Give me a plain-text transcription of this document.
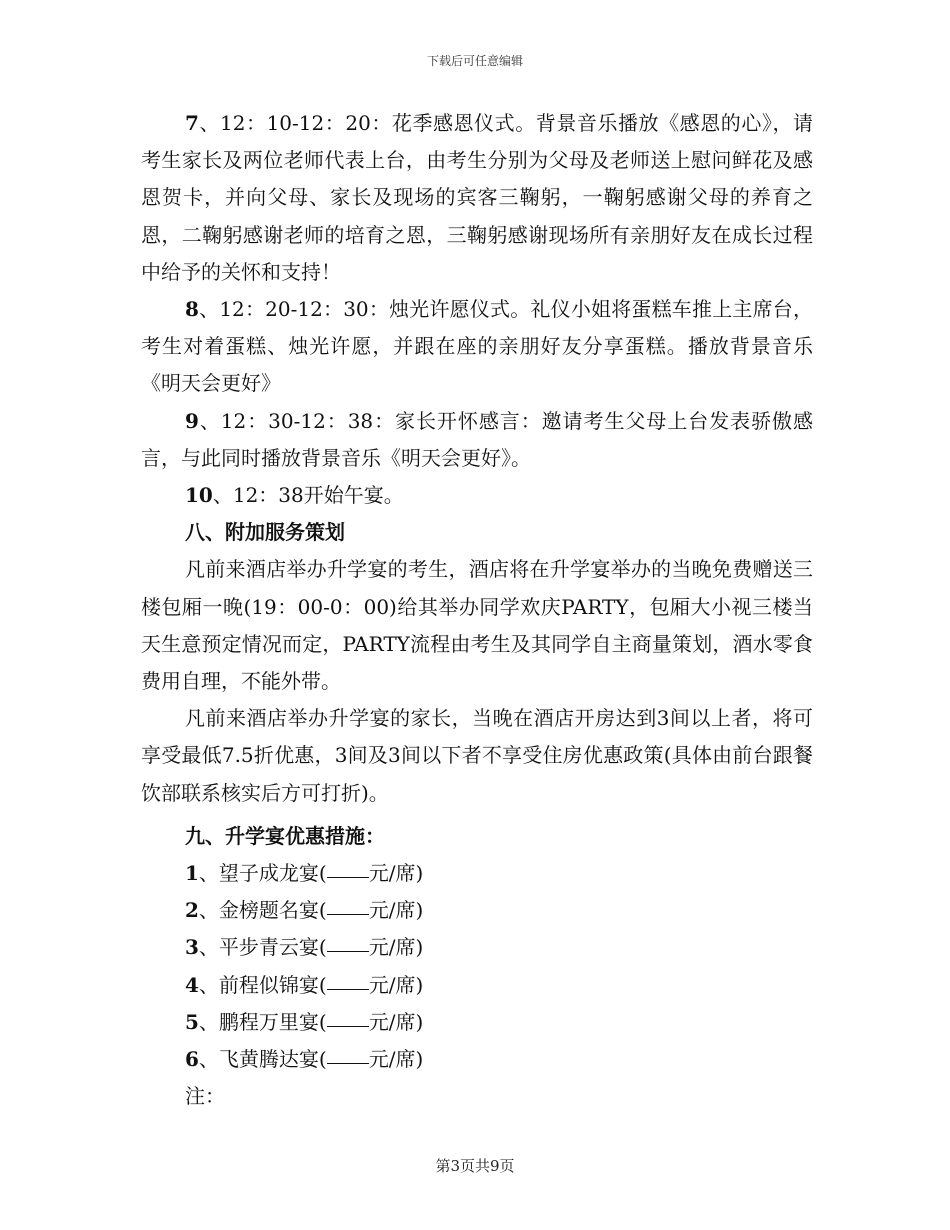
下载后可任意编辑

7、12：10-12：20：花季感恩仪式。背景音乐播放《感恩的心》，请考生家长及两位老师代表上台，由考生分别为父母及老师送上慰问鲜花及感恩贺卡，并向父母、家长及现场的宾客三鞠躬，一鞠躬感谢父母的养育之恩，二鞠躬感谢老师的培育之恩，三鞠躬感谢现场所有亲朋好友在成长过程中给予的关怀和支持！

8、12：20-12：30：烛光许愿仪式。礼仪小姐将蛋糕车推上主席台，考生对着蛋糕、烛光许愿，并跟在座的亲朋好友分享蛋糕。播放背景音乐《明天会更好》

9、12：30-12：38：家长开怀感言：邀请考生父母上台发表骄傲感言，与此同时播放背景音乐《明天会更好》。

10、12：38开始午宴。

八、附加服务策划

凡前来酒店举办升学宴的考生，酒店将在升学宴举办的当晚免费赠送三楼包厢一晚(19：00-0：00)给其举办同学欢庆PARTY，包厢大小视三楼当天生意预定情况而定，PARTY流程由考生及其同学自主商量策划，酒水零食费用自理，不能外带。

凡前来酒店举办升学宴的家长，当晚在酒店开房达到3间以上者，将可享受最低7.5折优惠，3间及3间以下者不享受住房优惠政策(具体由前台跟餐饮部联系核实后方可打折)。

九、升学宴优惠措施：

1、望子成龙宴( 元/席)

2、金榜题名宴( 元/席)

3、平步青云宴( 元/席)

4、前程似锦宴( 元/席)

5、鹏程万里宴( 元/席)

6、飞黄腾达宴( 元/席)

注：

第3页共9页
